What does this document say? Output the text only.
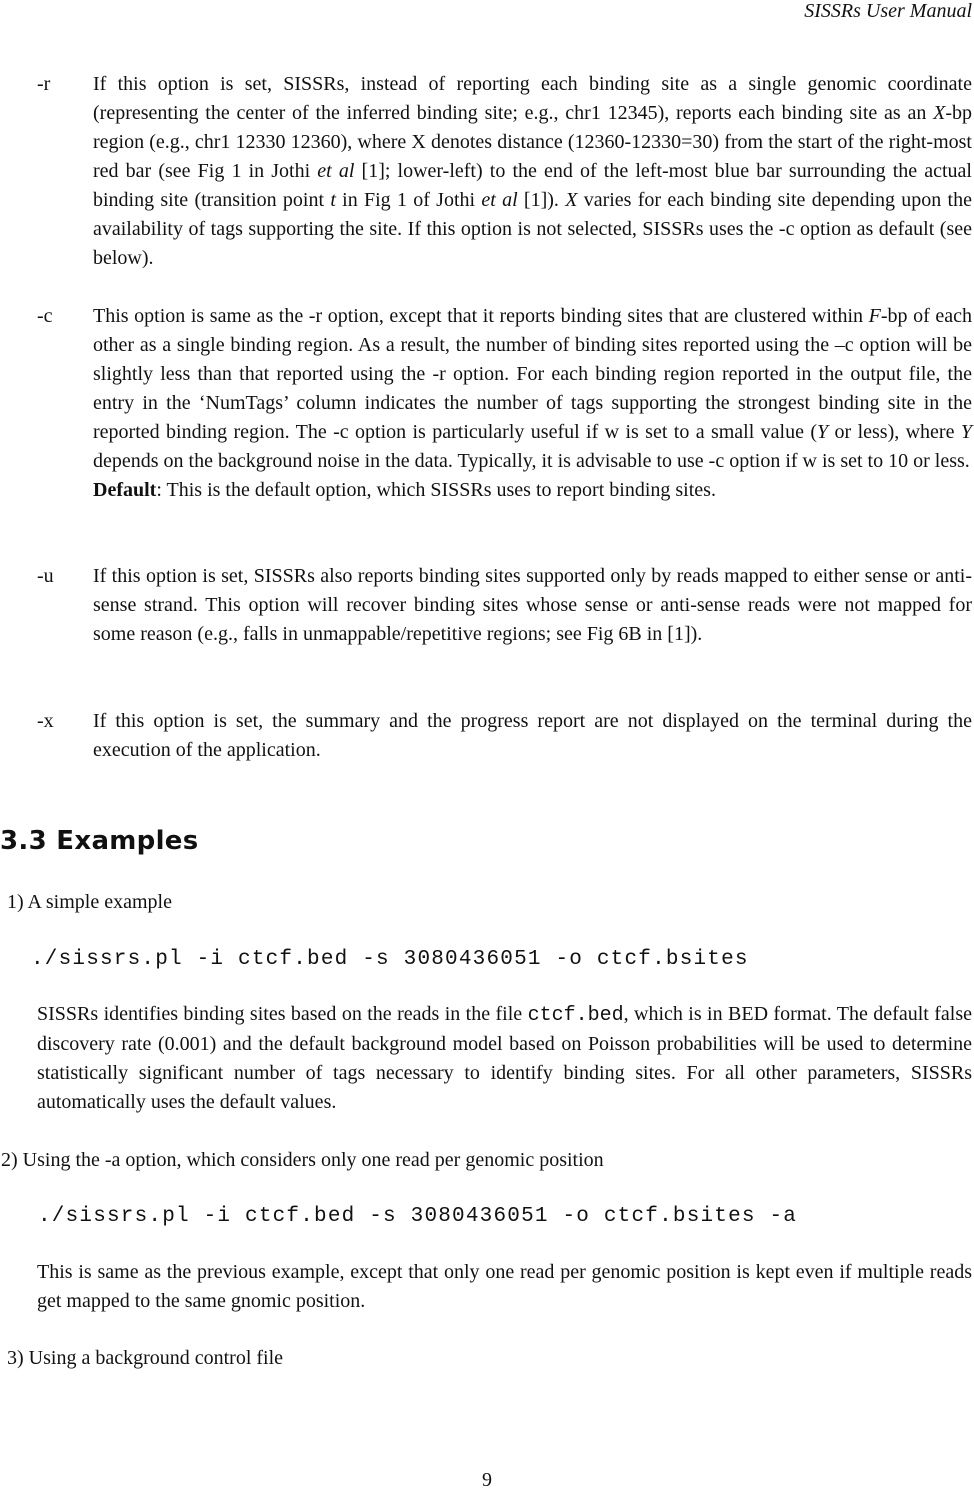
SISSRs User Manual
-r If this option is set, SISSRs, instead of reporting each binding site as a single genomic coordinate (representing the center of the inferred binding site; e.g., chr1 12345), reports each binding site as an X-bp region (e.g., chr1 12330 12360), where X denotes distance (12360-12330=30) from the start of the right-most red bar (see Fig 1 in Jothi et al [1]; lower-left) to the end of the left-most blue bar surrounding the actual binding site (transition point t in Fig 1 of Jothi et al [1]). X varies for each binding site depending upon the availability of tags supporting the site. If this option is not selected, SISSRs uses the -c option as default (see below).
-c This option is same as the -r option, except that it reports binding sites that are clustered within F-bp of each other as a single binding region. As a result, the number of binding sites reported using the –c option will be slightly less than that reported using the -r option. For each binding region reported in the output file, the entry in the ‘NumTags’ column indicates the number of tags supporting the strongest binding site in the reported binding region. The -c option is particularly useful if w is set to a small value (Y or less), where Y depends on the background noise in the data. Typically, it is advisable to use -c option if w is set to 10 or less.
Default: This is the default option, which SISSRs uses to report binding sites.
-u If this option is set, SISSRs also reports binding sites supported only by reads mapped to either sense or anti-sense strand. This option will recover binding sites whose sense or anti-sense reads were not mapped for some reason (e.g., falls in unmappable/repetitive regions; see Fig 6B in [1]).
-x If this option is set, the summary and the progress report are not displayed on the terminal during the execution of the application.
3.3 Examples
1) A simple example
./sissrs.pl -i ctcf.bed -s 3080436051 -o ctcf.bsites
SISSRs identifies binding sites based on the reads in the file ctcf.bed, which is in BED format. The default false discovery rate (0.001) and the default background model based on Poisson probabilities will be used to determine statistically significant number of tags necessary to identify binding sites. For all other parameters, SISSRs automatically uses the default values.
2) Using the -a option, which considers only one read per genomic position
./sissrs.pl -i ctcf.bed -s 3080436051 -o ctcf.bsites -a
This is same as the previous example, except that only one read per genomic position is kept even if multiple reads get mapped to the same gnomic position.
3) Using a background control file
9
